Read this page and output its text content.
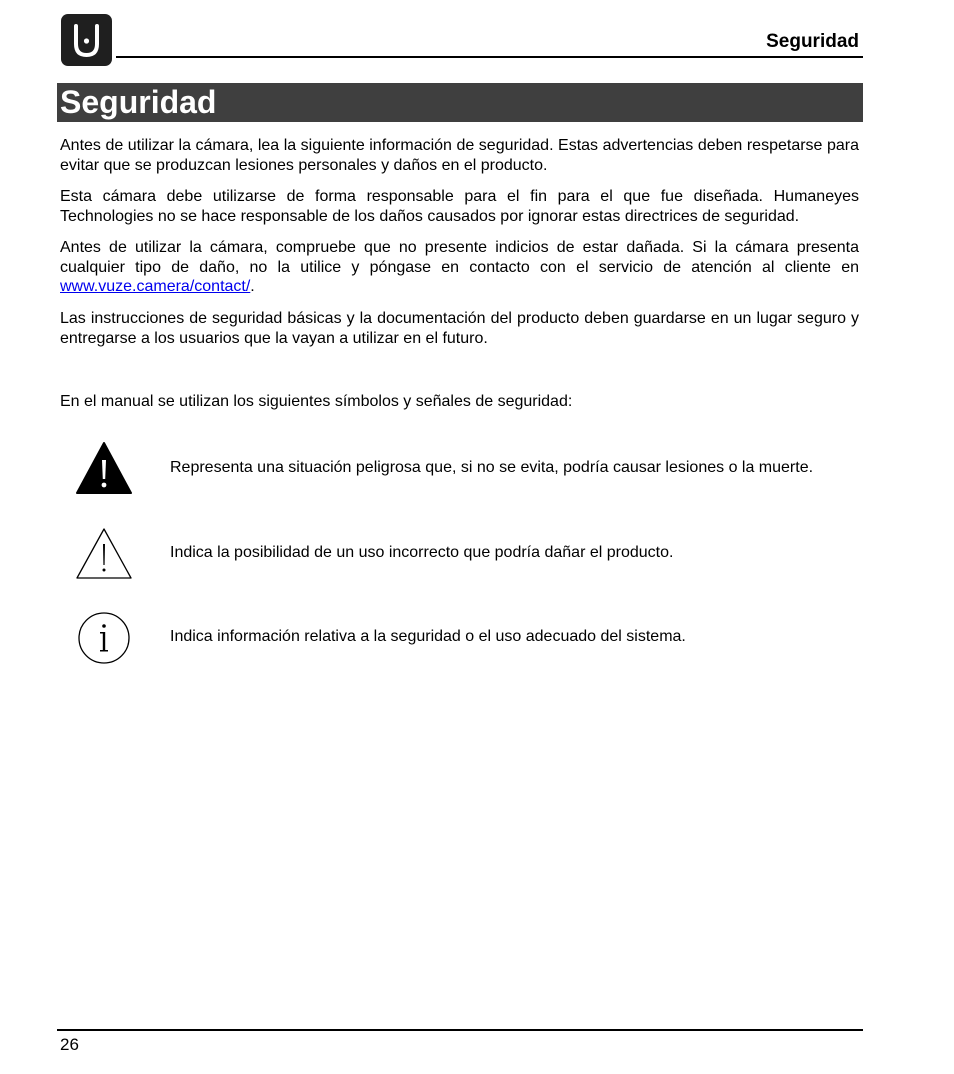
Seguridad
Seguridad

Antes de utilizar la cámara, lea la siguiente información de seguridad. Estas advertencias deben respetarse para evitar que se produzcan lesiones personales y daños en el producto.

Esta cámara debe utilizarse de forma responsable para el fin para el que fue diseñada. Humaneyes Technologies no se hace responsable de los daños causados por ignorar estas directrices de seguridad.

Antes de utilizar la cámara, compruebe que no presente indicios de estar dañada. Si la cámara presenta cualquier tipo de daño, no la utilice y póngase en contacto con el servicio de atención al cliente en www.vuze.camera/contact/.

Las instrucciones de seguridad básicas y la documentación del producto deben guardarse en un lugar seguro y entregarse a los usuarios que la vayan a utilizar en el futuro.

En el manual se utilizan los siguientes símbolos y señales de seguridad:

Representa una situación peligrosa que, si no se evita, podría causar lesiones o la muerte.
Indica la posibilidad de un uso incorrecto que podría dañar el producto.
Indica información relativa a la seguridad o el uso adecuado del sistema.
26
